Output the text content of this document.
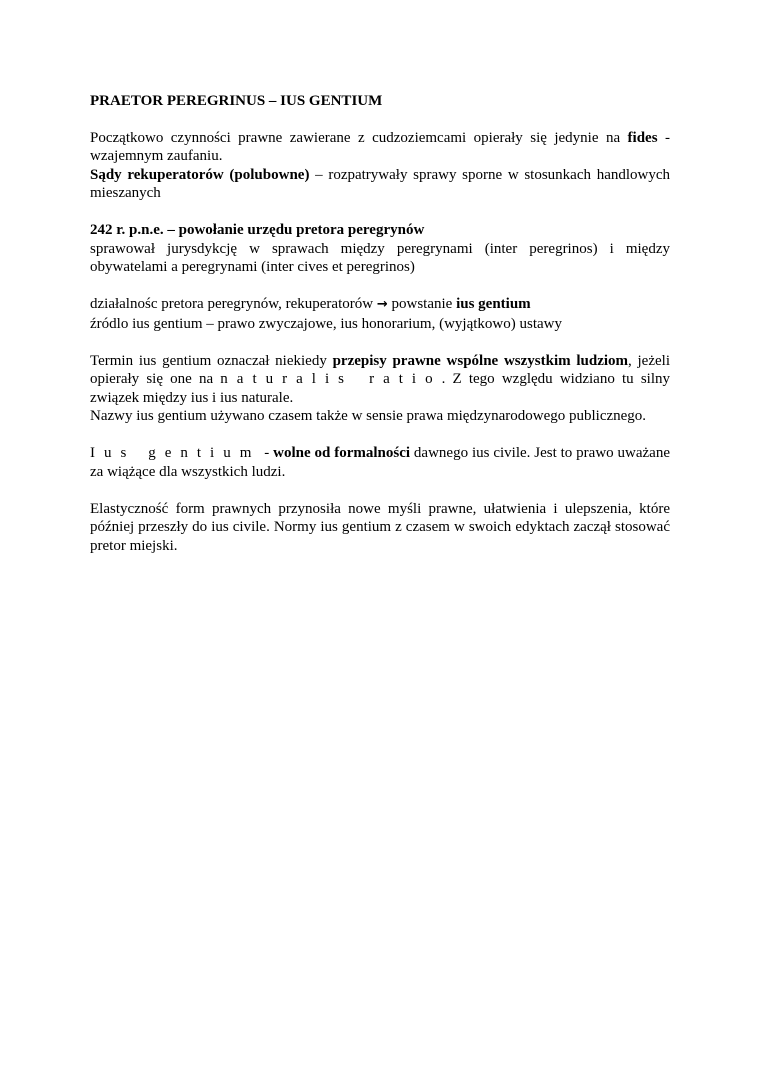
PRAETOR PEREGRINUS – IUS GENTIUM
Początkowo czynności prawne zawierane z cudzoziemcami opierały się jedynie na fides - wzajemnym zaufaniu.
Sądy rekuperatorów (polubowne) – rozpatrywały sprawy sporne w stosunkach handlowych mieszanych
242 r. p.n.e. – powołanie urzędu pretora peregrynów
sprawował jurysdykcję w sprawach między peregrynami (inter peregrinos) i między obywatelami a peregrynami (inter cives et peregrinos)
działalnośc pretora peregrynów, rekuperatorów → powstanie ius gentium
źródlo ius gentium – prawo zwyczajowe, ius honorarium, (wyjątkowo) ustawy
Termin ius gentium oznaczał niekiedy przepisy prawne wspólne wszystkim ludziom, jeżeli opierały się one na naturalis ratio. Z tego względu widziano tu silny związek między ius i ius naturale.
Nazwy ius gentium używano czasem także w sensie prawa międzynarodowego publicznego.
Ius gentium - wolne od formalności dawnego ius civile. Jest to prawo uważane za wiążące dla wszystkich ludzi.
Elastyczność form prawnych przynosiła nowe myśli prawne, ułatwienia i ulepszenia, które później przeszły do ius civile. Normy ius gentium z czasem w swoich edyktach zaczął stosować pretor miejski.
